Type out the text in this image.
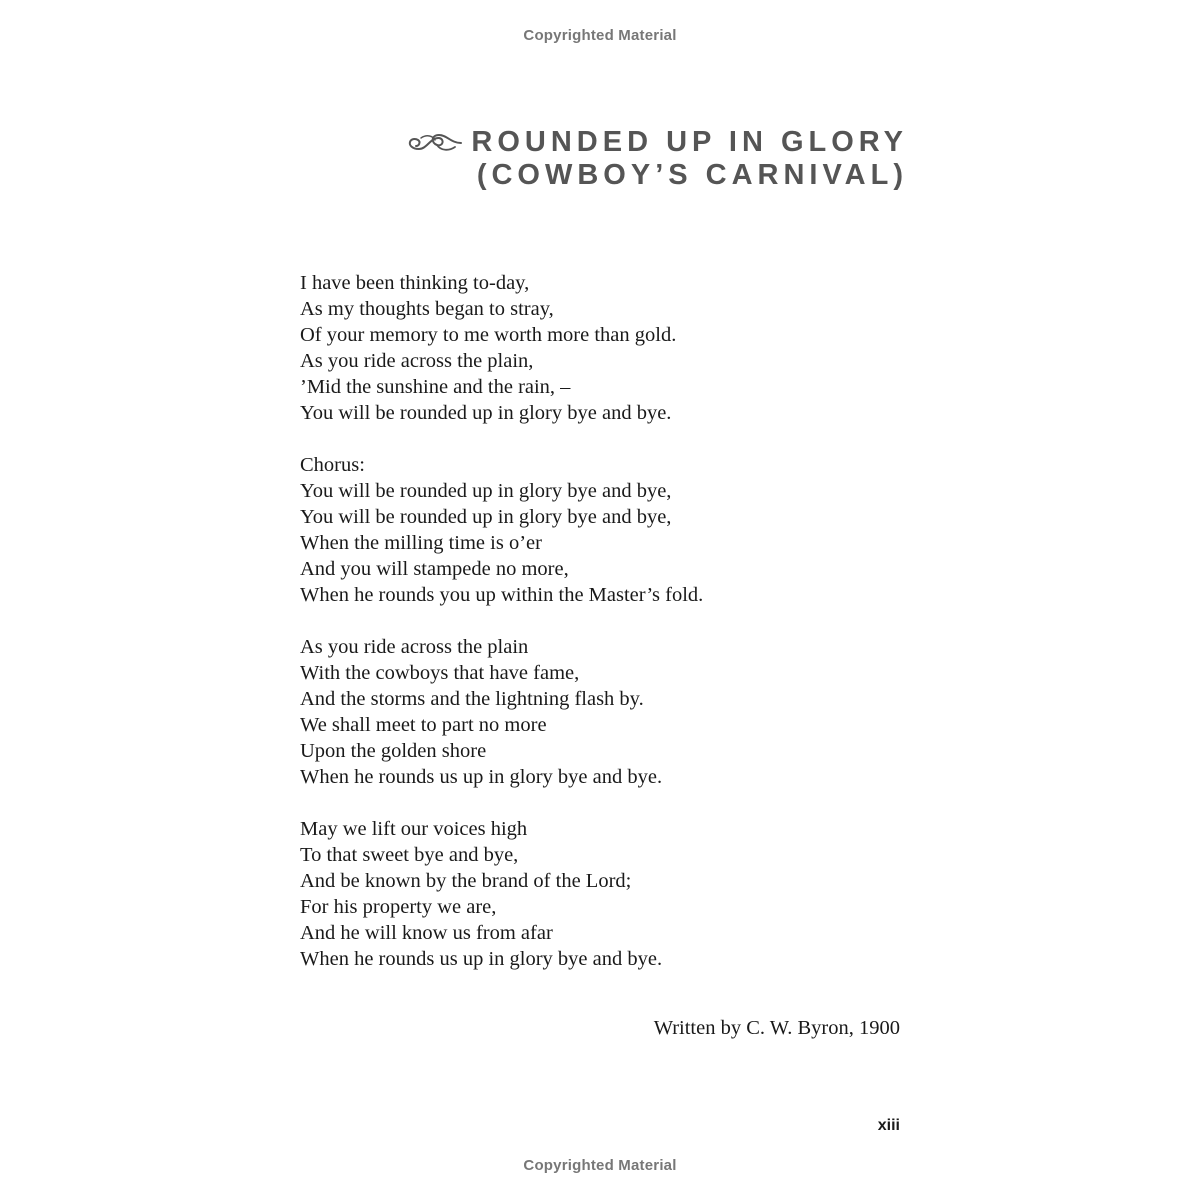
Copyrighted Material
ROUNDED UP IN GLORY
(COWBOY’S CARNIVAL)
I have been thinking to-day,
As my thoughts began to stray,
Of your memory to me worth more than gold.
As you ride across the plain,
’Mid the sunshine and the rain, –
You will be rounded up in glory bye and bye.
Chorus:
You will be rounded up in glory bye and bye,
You will be rounded up in glory bye and bye,
When the milling time is o’er
And you will stampede no more,
When he rounds you up within the Master’s fold.
As you ride across the plain
With the cowboys that have fame,
And the storms and the lightning flash by.
We shall meet to part no more
Upon the golden shore
When he rounds us up in glory bye and bye.
May we lift our voices high
To that sweet bye and bye,
And be known by the brand of the Lord;
For his property we are,
And he will know us from afar
When he rounds us up in glory bye and bye.
Written by C. W. Byron, 1900
xiii
Copyrighted Material
